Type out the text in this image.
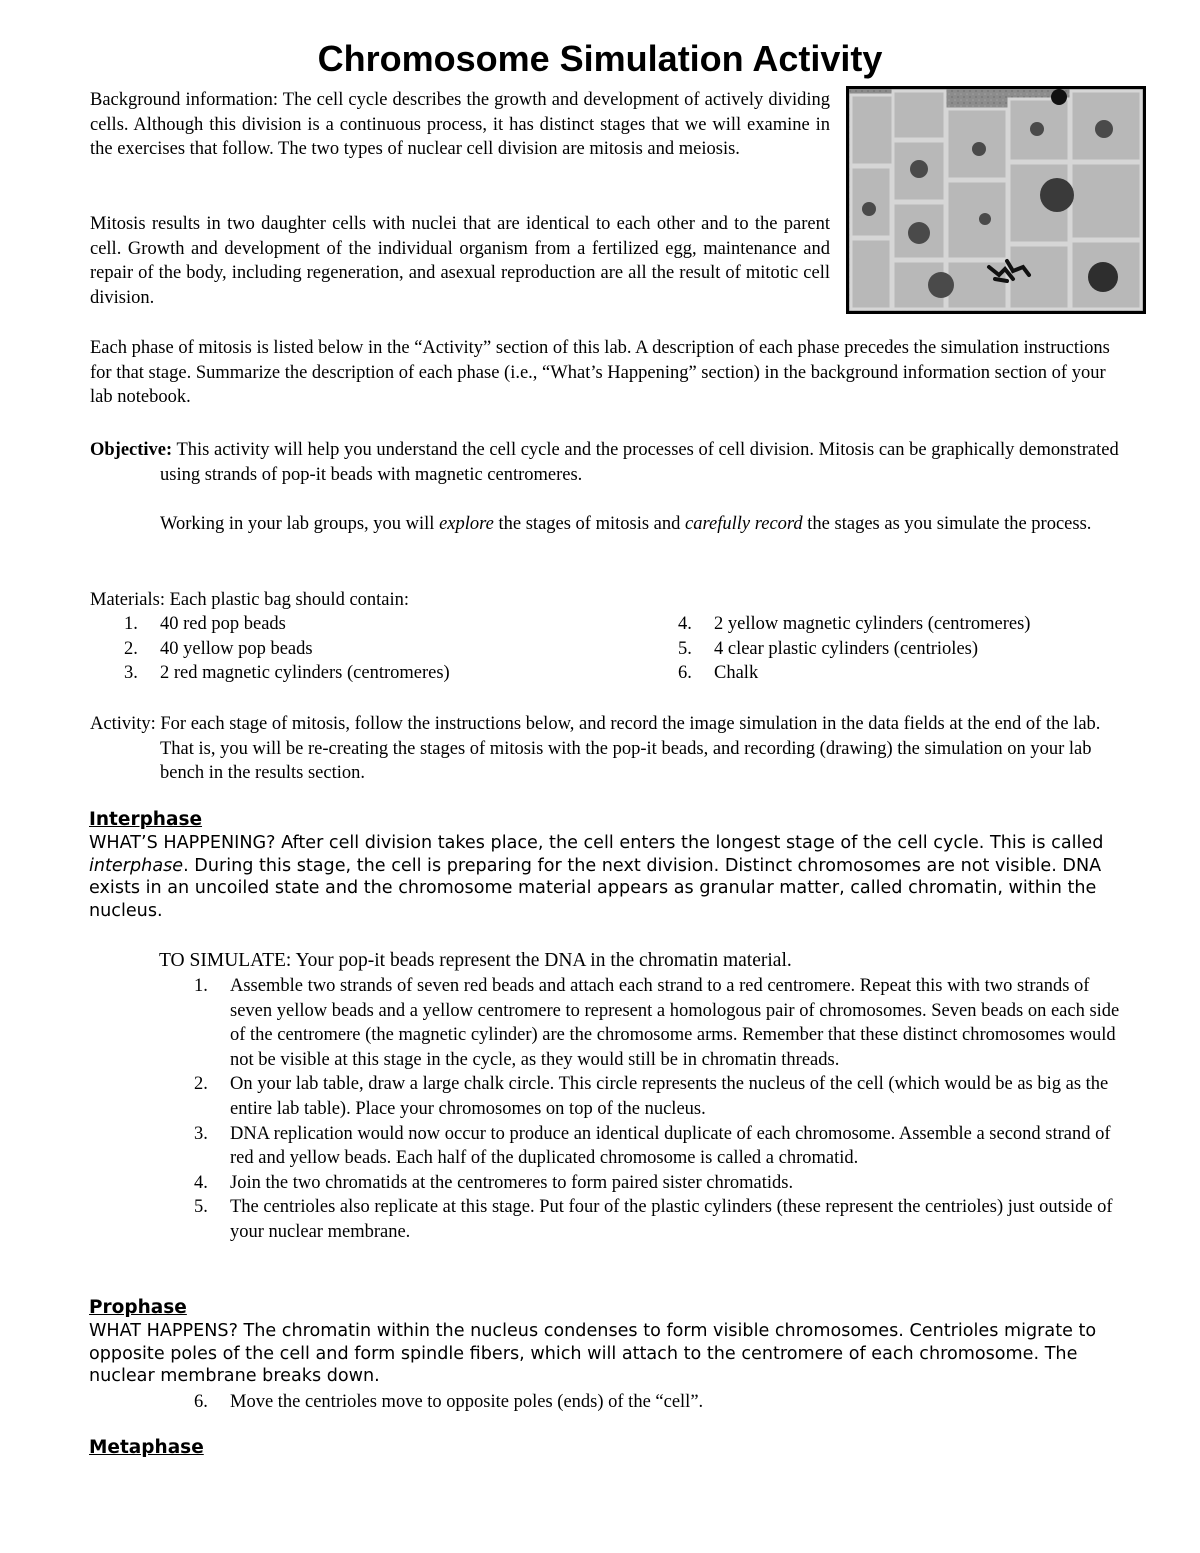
Chromosome Simulation Activity

Background information: The cell cycle describes the growth and development of actively dividing cells. Although this division is a continuous process, it has distinct stages that we will examine in the exercises that follow. The two types of nuclear cell division are mitosis and meiosis.

Mitosis results in two daughter cells with nuclei that are identical to each other and to the parent cell. Growth and development of the individual organism from a fertilized egg, maintenance and repair of the body, including regeneration, and asexual reproduction are all the result of mitotic cell division.

Each phase of mitosis is listed below in the “Activity” section of this lab. A description of each phase precedes the simulation instructions for that stage. Summarize the description of each phase (i.e., “What’s Happening” section) in the background information section of your lab notebook.

Objective: This activity will help you understand the cell cycle and the processes of cell division. Mitosis can be graphically demonstrated using strands of pop-it beads with magnetic centromeres.
Working in your lab groups, you will explore the stages of mitosis and carefully record the stages as you simulate the process.
Materials: Each plastic bag should contain:
1. 40 red pop beads
2. 40 yellow pop beads
3. 2 red magnetic cylinders (centromeres)
4. 2 yellow magnetic cylinders (centromeres)
5. 4 clear plastic cylinders (centrioles)
6. Chalk

Activity: For each stage of mitosis, follow the instructions below, and record the image simulation in the data fields at the end of the lab. That is, you will be re-creating the stages of mitosis with the pop-it beads, and recording (drawing) the simulation on your lab bench in the results section.

Interphase

WHAT’S HAPPENING? After cell division takes place, the cell enters the longest stage of the cell cycle. This is called interphase. During this stage, the cell is preparing for the next division. Distinct chromosomes are not visible. DNA exists in an uncoiled state and the chromosome material appears as granular matter, called chromatin, within the nucleus.

TO SIMULATE: Your pop-it beads represent the DNA in the chromatin material.
1. Assemble two strands of seven red beads and attach each strand to a red centromere. Repeat this with two strands of seven yellow beads and a yellow centromere to represent a homologous pair of chromosomes. Seven beads on each side of the centromere (the magnetic cylinder) are the chromosome arms. Remember that these distinct chromosomes would not be visible at this stage in the cycle, as they would still be in chromatin threads.
2. On your lab table, draw a large chalk circle. This circle represents the nucleus of the cell (which would be as big as the entire lab table). Place your chromosomes on top of the nucleus.
3. DNA replication would now occur to produce an identical duplicate of each chromosome. Assemble a second strand of red and yellow beads. Each half of the duplicated chromosome is called a chromatid.
4. Join the two chromatids at the centromeres to form paired sister chromatids.
5. The centrioles also replicate at this stage. Put four of the plastic cylinders (these represent the centrioles) just outside of your nuclear membrane.
Prophase

WHAT HAPPENS? The chromatin within the nucleus condenses to form visible chromosomes. Centrioles migrate to opposite poles of the cell and form spindle fibers, which will attach to the centromere of each chromosome. The nuclear membrane breaks down.

6. Move the centrioles move to opposite poles (ends) of the “cell”.
Metaphase
